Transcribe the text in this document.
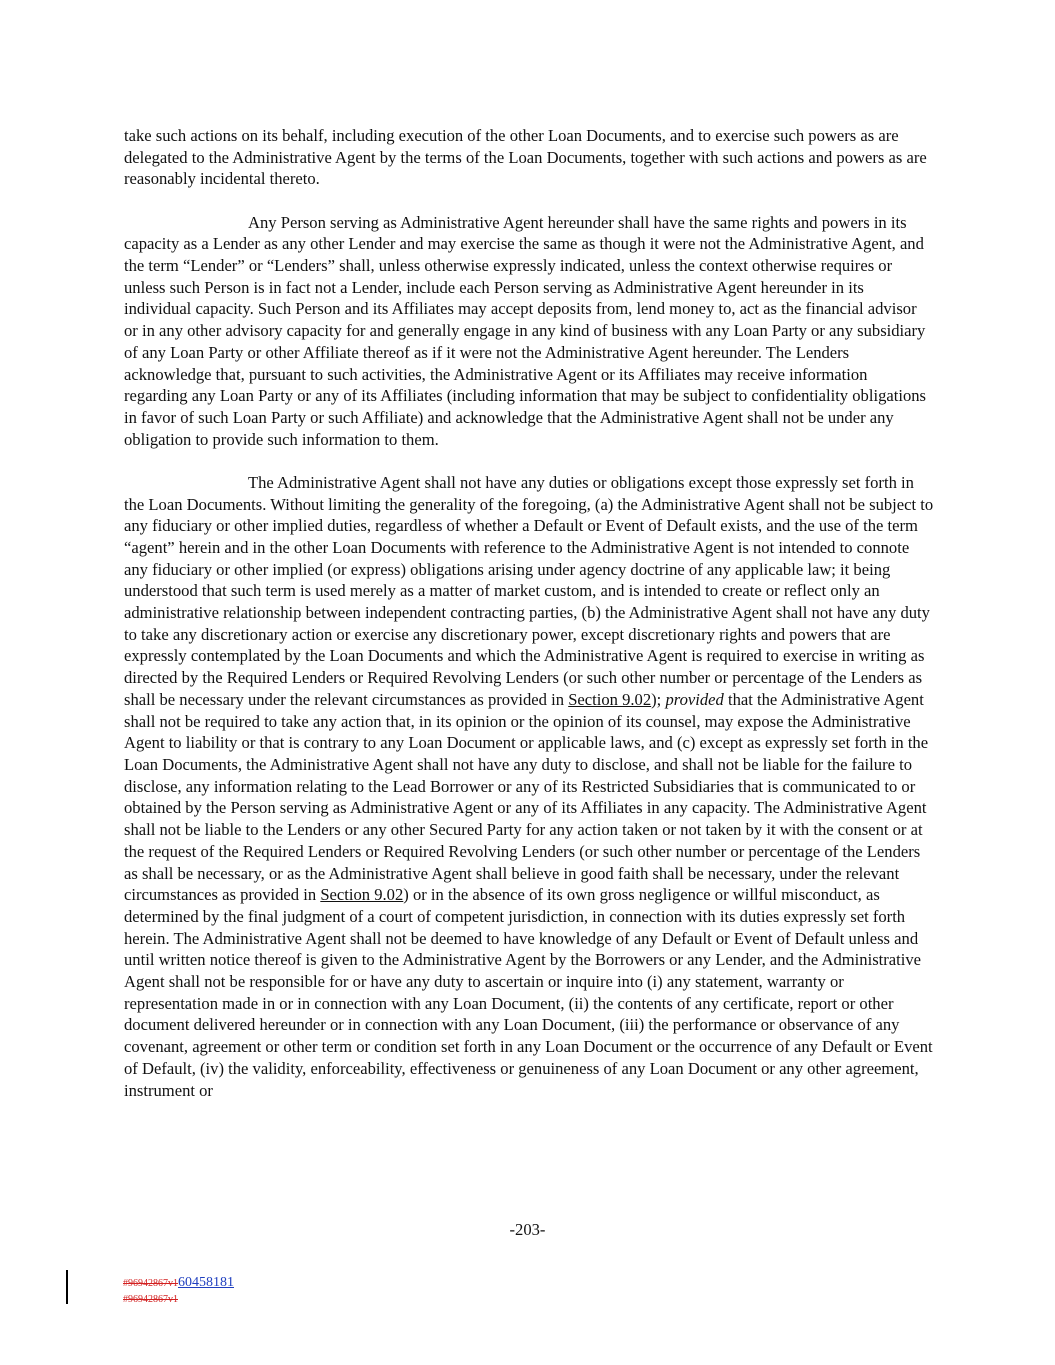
take such actions on its behalf, including execution of the other Loan Documents, and to exercise such powers as are delegated to the Administrative Agent by the terms of the Loan Documents, together with such actions and powers as are reasonably incidental thereto.

Any Person serving as Administrative Agent hereunder shall have the same rights and powers in its capacity as a Lender as any other Lender and may exercise the same as though it were not the Administrative Agent, and the term “Lender” or “Lenders” shall, unless otherwise expressly indicated, unless the context otherwise requires or unless such Person is in fact not a Lender, include each Person serving as Administrative Agent hereunder in its individual capacity. Such Person and its Affiliates may accept deposits from, lend money to, act as the financial advisor or in any other advisory capacity for and generally engage in any kind of business with any Loan Party or any subsidiary of any Loan Party or other Affiliate thereof as if it were not the Administrative Agent hereunder. The Lenders acknowledge that, pursuant to such activities, the Administrative Agent or its Affiliates may receive information regarding any Loan Party or any of its Affiliates (including information that may be subject to confidentiality obligations in favor of such Loan Party or such Affiliate) and acknowledge that the Administrative Agent shall not be under any obligation to provide such information to them.

The Administrative Agent shall not have any duties or obligations except those expressly set forth in the Loan Documents. Without limiting the generality of the foregoing, (a) the Administrative Agent shall not be subject to any fiduciary or other implied duties, regardless of whether a Default or Event of Default exists, and the use of the term “agent” herein and in the other Loan Documents with reference to the Administrative Agent is not intended to connote any fiduciary or other implied (or express) obligations arising under agency doctrine of any applicable law; it being understood that such term is used merely as a matter of market custom, and is intended to create or reflect only an administrative relationship between independent contracting parties, (b) the Administrative Agent shall not have any duty to take any discretionary action or exercise any discretionary power, except discretionary rights and powers that are expressly contemplated by the Loan Documents and which the Administrative Agent is required to exercise in writing as directed by the Required Lenders or Required Revolving Lenders (or such other number or percentage of the Lenders as shall be necessary under the relevant circumstances as provided in Section 9.02); provided that the Administrative Agent shall not be required to take any action that, in its opinion or the opinion of its counsel, may expose the Administrative Agent to liability or that is contrary to any Loan Document or applicable laws, and (c) except as expressly set forth in the Loan Documents, the Administrative Agent shall not have any duty to disclose, and shall not be liable for the failure to disclose, any information relating to the Lead Borrower or any of its Restricted Subsidiaries that is communicated to or obtained by the Person serving as Administrative Agent or any of its Affiliates in any capacity. The Administrative Agent shall not be liable to the Lenders or any other Secured Party for any action taken or not taken by it with the consent or at the request of the Required Lenders or Required Revolving Lenders (or such other number or percentage of the Lenders as shall be necessary, or as the Administrative Agent shall believe in good faith shall be necessary, under the relevant circumstances as provided in Section 9.02) or in the absence of its own gross negligence or willful misconduct, as determined by the final judgment of a court of competent jurisdiction, in connection with its duties expressly set forth herein. The Administrative Agent shall not be deemed to have knowledge of any Default or Event of Default unless and until written notice thereof is given to the Administrative Agent by the Borrowers or any Lender, and the Administrative Agent shall not be responsible for or have any duty to ascertain or inquire into (i) any statement, warranty or representation made in or in connection with any Loan Document, (ii) the contents of any certificate, report or other document delivered hereunder or in connection with any Loan Document, (iii) the performance or observance of any covenant, agreement or other term or condition set forth in any Loan Document or the occurrence of any Default or Event of Default, (iv) the validity, enforceability, effectiveness or genuineness of any Loan Document or any other agreement, instrument or

-203-
#96942867v160458181
#96942867v1
